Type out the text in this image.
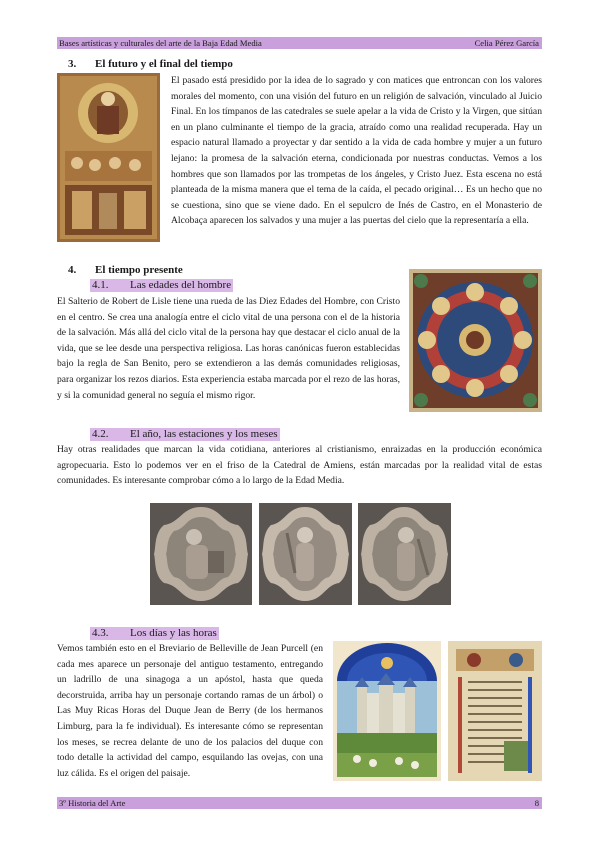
Bases artísticas y culturales del arte de la Baja Edad Media	Celia Pérez García
3. El futuro y el final del tiempo

El pasado está presidido por la idea de lo sagrado y con matices que entroncan con los valores morales del momento, con una visión del futuro en un religión de salvación, vinculado al Juicio Final. En los tímpanos de las catedrales se suele apelar a la vida de Cristo y la Virgen, que sitúan en un plano culminante el tiempo de la gracia, atraído como una realidad recuperada. Hay un espacio natural llamado a proyectar y dar sentido a la vida de cada hombre y mujer a un futuro lejano: la promesa de la salvación eterna, condicionada por nuestras conductas. Vemos a los hombres que son llamados por las trompetas de los ángeles, y Cristo Juez. Esta escena no está planteada de la misma manera que el tema de la caída, el pecado original… Es un hecho que no se cuestiona, sino que se viene dado. En el sepulcro de Inés de Castro, en el Monasterio de Alcobaça aparecen los salvados y una mujer a las puertas del cielo que la representaría a ella.

4. El tiempo presente
4.1. Las edades del hombre

El Salterio de Robert de Lisle tiene una rueda de las Diez Edades del Hombre, con Cristo en el centro. Se crea una analogía entre el ciclo vital de una persona con el de la historia de la salvación. Más allá del ciclo vital de la persona hay que destacar el ciclo anual de la vida, que se lee desde una perspectiva religiosa. Las horas canónicas fueron establecidas bajo la regla de San Benito, pero se extendieron a las demás comunidades religiosas, para organizar los rezos diarios. Esta experiencia estaba marcada por el rezo de las horas, y si la comunidad general no seguía el mismo rigor.

4.2. El año, las estaciones y los meses

Hay otras realidades que marcan la vida cotidiana, anteriores al cristianismo, enraizadas en la producción económica agropecuaria. Esto lo podemos ver en el friso de la Catedral de Amiens, están marcadas por la realidad vital de estas comunidades. Es interesante comprobar cómo a lo largo de la Edad Media.

4.3. Los días y las horas

Vemos también esto en el Breviario de Belleville de Jean Purcell (en cada mes aparece un personaje del antiguo testamento, entregando un ladrillo de una sinagoga a un apóstol, hasta que queda decorstruida, arriba hay un personaje cortando ramas de un árbol) o Las Muy Ricas Horas del Duque Jean de Berry (de los hermanos Limburg, para la fe individual). Es interesante cómo se representan los meses, se recrea delante de uno de los palacios del duque con todo detalle la actividad del campo, esquilando las ovejas, con una luz cálida. Es el origen del paisaje.

3º Historia del Arte	8
